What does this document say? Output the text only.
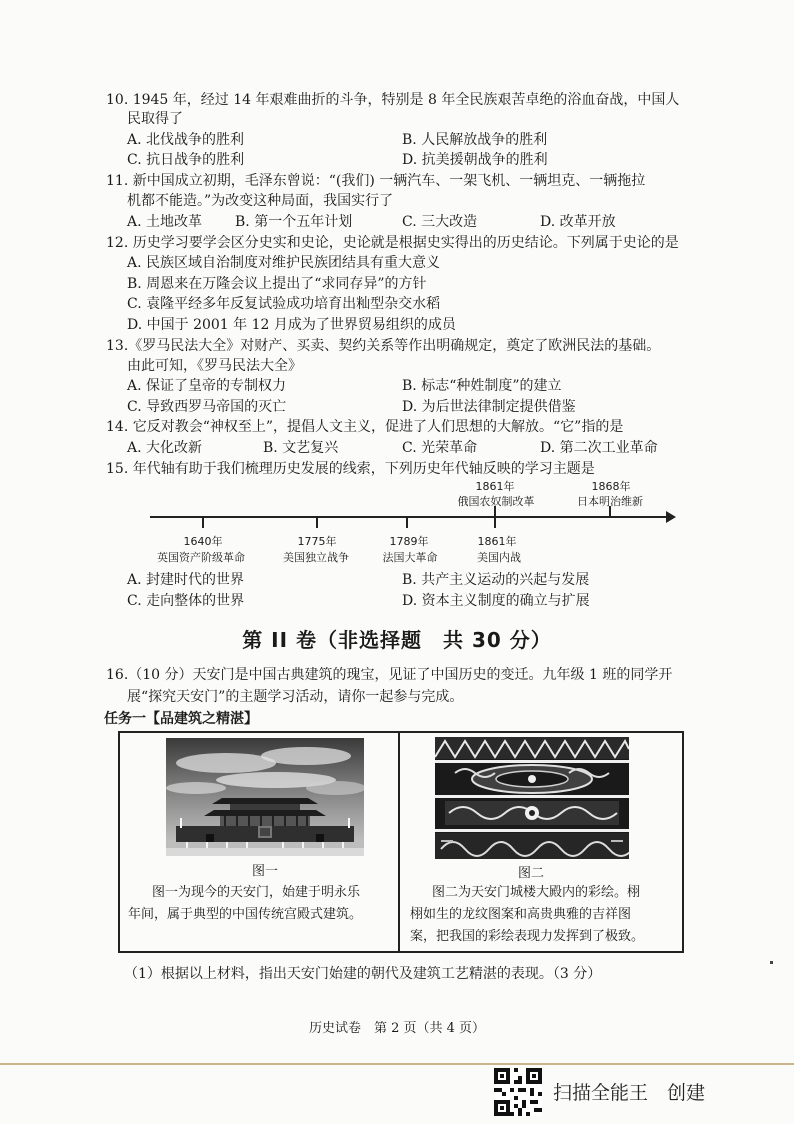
10. 1945 年，经过 14 年艰难曲折的斗争，特别是 8 年全民族艰苦卓绝的浴血奋战，中国人
民取得了
A. 北伐战争的胜利	B. 人民解放战争的胜利
C. 抗日战争的胜利	D. 抗美援朝战争的胜利
11. 新中国成立初期，毛泽东曾说：“(我们) 一辆汽车、一架飞机、一辆坦克、一辆拖拉
机都不能造。”为改变这种局面，我国实行了
A. 土地改革 B. 第一个五年计划	C. 三大改造	D. 改革开放
12. 历史学习要学会区分史实和史论，史论就是根据史实得出的历史结论。下列属于史论的是
A. 民族区域自治制度对维护民族团结具有重大意义
B. 周恩来在万隆会议上提出了“求同存异”的方针
C. 袁隆平经多年反复试验成功培育出籼型杂交水稻
D. 中国于 2001 年 12 月成为了世界贸易组织的成员
13.《罗马民法大全》对财产、买卖、契约关系等作出明确规定，奠定了欧洲民法的基础。
由此可知，《罗马民法大全》
A. 保证了皇帝的专制权力	B. 标志“种姓制度”的建立
C. 导致西罗马帝国的灭亡	D. 为后世法律制定提供借鉴
14. 它反对教会“神权至上”，提倡人文主义，促进了人们思想的大解放。“它”指的是
A. 大化改新	B. 文艺复兴	C. 光荣革命	D. 第二次工业革命
15. 年代轴有助于我们梳理历史发展的线索，下列历史年代轴反映的学习主题是
1861年
俄国农奴制改革
1868年
日本明治维新
1640年
英国资产阶级革命
1775年
美国独立战争
1789年
法国大革命
1861年
美国内战
A. 封建时代的世界	B. 共产主义运动的兴起与发展
C. 走向整体的世界	D. 资本主义制度的确立与扩展
第 II 卷（非选择题　共 30 分）
16.（10 分）天安门是中国古典建筑的瑰宝，见证了中国历史的变迁。九年级 1 班的同学开
展“探究天安门”的主题学习活动，请你一起参与完成。
任务一【品建筑之精湛】
图一	图二
图一为现今的天安门，始建于明永乐
年间，属于典型的中国传统宫殿式建筑。
图二为天安门城楼大殿内的彩绘。栩
栩如生的龙纹图案和高贵典雅的吉祥图
案，把我国的彩绘表现力发挥到了极致。
（1）根据以上材料，指出天安门始建的朝代及建筑工艺精湛的表现。（3 分）
历史试卷　第 2 页（共 4 页）
扫描全能王　创建
